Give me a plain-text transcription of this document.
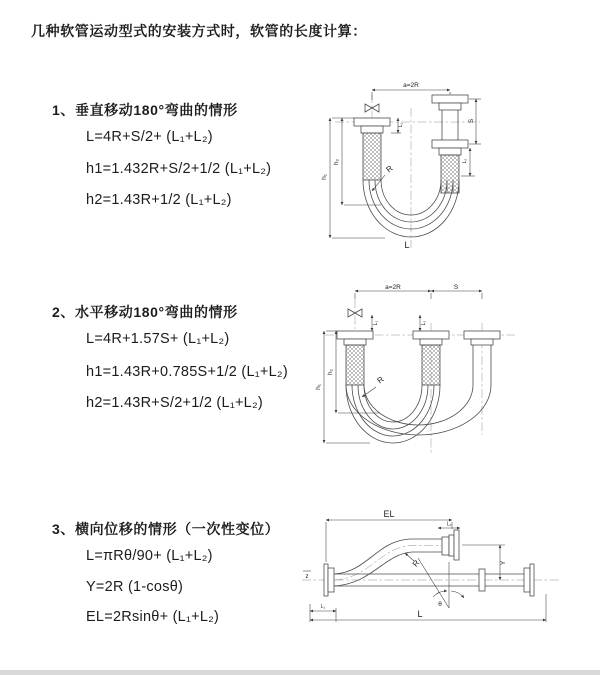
几种软管运动型式的安装方式时，软管的长度计算：
1、垂直移动180°弯曲的情形
L=4R+S/2+ (L₁+L₂)
h1=1.432R+S/2+1/2 (L₁+L₂)
h2=1.43R+1/2 (L₁+L₂)
a=2R
h₁
h₂
L₁
S
L₂
R
L
2、水平移动180°弯曲的情形
L=4R+1.57S+ (L₁+L₂)
h1=1.43R+0.785S+1/2 (L₁+L₂)
h2=1.43R+S/2+1/2 (L₁+L₂)
a=2R	S
h₁
h₂
L₁	L₂
R
3、横向位移的情形（一次性变位）
L=πRθ/90+ (L₁+L₂)
Y=2R (1-cosθ)
EL=2Rsinθ+ (L₁+L₂)
EL
L₂
Y
L₁
L
R
θ
z
